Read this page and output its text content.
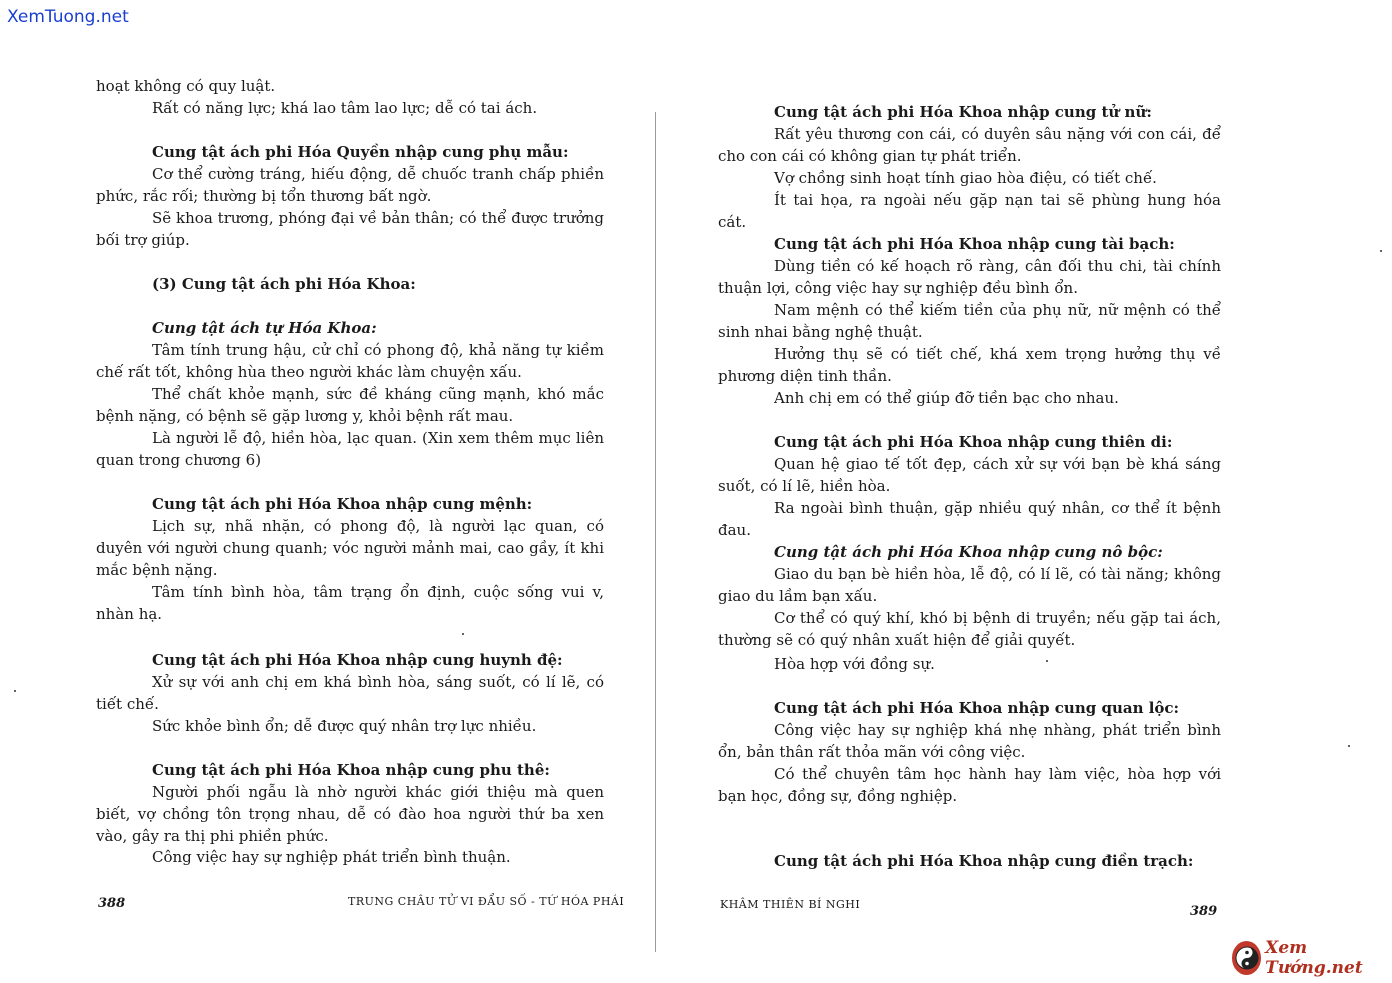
XemTuong.net

hoạt không có quy luật.

Rất có năng lực; khá lao tâm lao lực; dễ có tai ách.

Cung tật ách phi Hóa Quyền nhập cung phụ mẫu:

Cơ thể cường tráng, hiếu động, dễ chuốc tranh chấp phiền phức, rắc rối; thường bị tổn thương bất ngờ.

Sẽ khoa trương, phóng đại về bản thân; có thể được trưởng bối trợ giúp.

(3) Cung tật ách phi Hóa Khoa:
Cung tật ách tự Hóa Khoa:

Tâm tính trung hậu, cử chỉ có phong độ, khả năng tự kiềm chế rất tốt, không hùa theo người khác làm chuyện xấu.

Thể chất khỏe mạnh, sức đề kháng cũng mạnh, khó mắc bệnh nặng, có bệnh sẽ gặp lương y, khỏi bệnh rất mau.

Là người lễ độ, hiền hòa, lạc quan. (Xin xem thêm mục liên quan trong chương 6)

Cung tật ách phi Hóa Khoa nhập cung mệnh:

Lịch sự, nhã nhặn, có phong độ, là người lạc quan, có duyên với người chung quanh; vóc người mảnh mai, cao gầy, ít khi mắc bệnh nặng.

Tâm tính bình hòa, tâm trạng ổn định, cuộc sống vui v, nhàn hạ.

Cung tật ách phi Hóa Khoa nhập cung huynh đệ:

Xử sự với anh chị em khá bình hòa, sáng suốt, có lí lẽ, có tiết chế.

Sức khỏe bình ổn; dễ được quý nhân trợ lực nhiều.

Cung tật ách phi Hóa Khoa nhập cung phu thê:

Người phối ngẫu là nhờ người khác giới thiệu mà quen biết, vợ chồng tôn trọng nhau, dễ có đào hoa người thứ ba xen vào, gây ra thị phi phiền phức.

Công việc hay sự nghiệp phát triển bình thuận.

Cung tật ách phi Hóa Khoa nhập cung tử nữ:

Rất yêu thương con cái, có duyên sâu nặng với con cái, để cho con cái có không gian tự phát triển.

Vợ chồng sinh hoạt tính giao hòa điệu, có tiết chế.

Ít tai họa, ra ngoài nếu gặp nạn tai sẽ phùng hung hóa cát.

Cung tật ách phi Hóa Khoa nhập cung tài bạch:

Dùng tiền có kế hoạch rõ ràng, cân đối thu chi, tài chính thuận lợi, công việc hay sự nghiệp đều bình ổn.

Nam mệnh có thể kiếm tiền của phụ nữ, nữ mệnh có thể sinh nhai bằng nghệ thuật.

Hưởng thụ sẽ có tiết chế, khá xem trọng hưởng thụ về phương diện tinh thần.

Anh chị em có thể giúp đỡ tiền bạc cho nhau.

Cung tật ách phi Hóa Khoa nhập cung thiên di:

Quan hệ giao tế tốt đẹp, cách xử sự với bạn bè khá sáng suốt, có lí lẽ, hiền hòa.

Ra ngoài bình thuận, gặp nhiều quý nhân, cơ thể ít bệnh đau.

Cung tật ách phi Hóa Khoa nhập cung nô bộc:

Giao du bạn bè hiền hòa, lễ độ, có lí lẽ, có tài năng; không giao du lầm bạn xấu.

Cơ thể có quý khí, khó bị bệnh di truyền; nếu gặp tai ách, thường sẽ có quý nhân xuất hiện để giải quyết.

Hòa hợp với đồng sự.

Cung tật ách phi Hóa Khoa nhập cung quan lộc:

Công việc hay sự nghiệp khá nhẹ nhàng, phát triển bình ổn, bản thân rất thỏa mãn với công việc.

Có thể chuyên tâm học hành hay làm việc, hòa hợp với bạn học, đồng sự, đồng nghiệp.

Cung tật ách phi Hóa Khoa nhập cung điền trạch:
388	TRUNG CHÂU TỬ VI ĐẨU SỐ - TỨ HÓA PHÁI	KHÂM THIÊN BÍ NGHI	389
Xem Tướng.net
